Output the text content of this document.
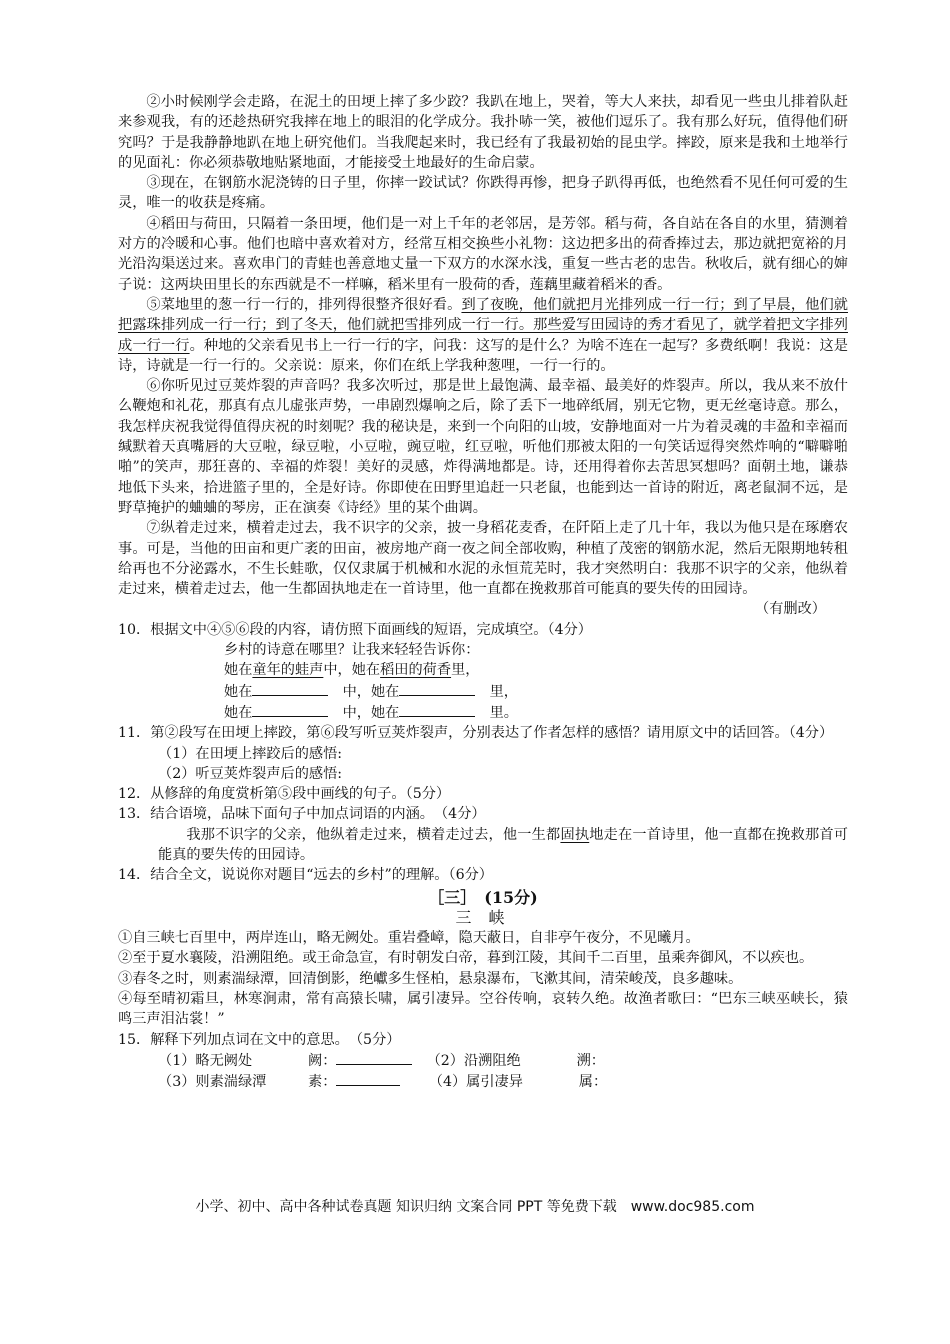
②小时候刚学会走路，在泥土的田埂上摔了多少跤？我趴在地上，哭着，等大人来扶，却看见一些虫儿排着队赶来参观我，有的还趁热研究我摔在地上的眼泪的化学成分。我扑哧一笑，被他们逗乐了。我有那么好玩，值得他们研究吗？于是我静静地趴在地上研究他们。当我爬起来时，我已经有了我最初始的昆虫学。摔跤，原来是我和土地举行的见面礼：你必须恭敬地贴紧地面，才能接受土地最好的生命启蒙。

③现在，在钢筋水泥浇铸的日子里，你摔一跤试试？你跌得再惨，把身子趴得再低，也绝然看不见任何可爱的生灵，唯一的收获是疼痛。

④稻田与荷田，只隔着一条田埂，他们是一对上千年的老邻居，是芳邻。稻与荷，各自站在各自的水里，猜测着对方的冷暖和心事。他们也暗中喜欢着对方，经常互相交换些小礼物：这边把多出的荷香捧过去，那边就把宽裕的月光沿沟渠送过来。喜欢串门的青蛙也善意地丈量一下双方的水深水浅，重复一些古老的忠告。秋收后，就有细心的婶子说：这两块田里长的东西就是不一样嘛，稻米里有一股荷的香，莲藕里藏着稻米的香。

⑤菜地里的葱一行一行的，排列得很整齐很好看。到了夜晚，他们就把月光排列成一行一行；到了早晨，他们就把露珠排列成一行一行；到了冬天，他们就把雪排列成一行一行。那些爱写田园诗的秀才看见了，就学着把文字排列成一行一行。种地的父亲看见书上一行一行的字，问我：这写的是什么？为啥不连在一起写？多费纸啊！我说：这是诗，诗就是一行一行的。父亲说：原来，你们在纸上学我种葱哩，一行一行的。

⑥你听见过豆荚炸裂的声音吗？我多次听过，那是世上最饱满、最幸福、最美好的炸裂声。所以，我从来不放什么鞭炮和礼花，那真有点儿虚张声势，一串剧烈爆响之后，除了丢下一地碎纸屑，别无它物，更无丝毫诗意。那么，我怎样庆祝我觉得值得庆祝的时刻呢？我的秘诀是，来到一个向阳的山坡，安静地面对一片为着灵魂的丰盈和幸福而缄默着天真嘴唇的大豆啦，绿豆啦，小豆啦，豌豆啦，红豆啦，听他们那被太阳的一句笑话逗得突然炸响的“噼噼啪啪”的笑声，那狂喜的、幸福的炸裂！美好的灵感，炸得满地都是。诗，还用得着你去苦思冥想吗？面朝土地，谦恭地低下头来，拾进篮子里的，全是好诗。你即使在田野里追赶一只老鼠，也能到达一首诗的附近，离老鼠洞不远，是野草掩护的蛐蛐的琴房，正在演奏《诗经》里的某个曲调。

⑦纵着走过来，横着走过去，我不识字的父亲，披一身稻花麦香，在阡陌上走了几十年，我以为他只是在琢磨农事。可是，当他的田亩和更广袤的田亩，被房地产商一夜之间全部收购，种植了茂密的钢筋水泥，然后无限期地转租给再也不分泌露水，不生长蛙歌，仅仅隶属于机械和水泥的永恒荒芜时，我才突然明白：我那不识字的父亲，他纵着走过来，横着走过去，他一生都固执地走在一首诗里，他一直都在挽救那首可能真的要失传的田园诗。

（有删改）

10．根据文中④⑤⑥段的内容，请仿照下面画线的短语，完成填空。（4分）

乡村的诗意在哪里？让我来轻轻告诉你：

她在童年的蛙声中，她在稻田的荷香里，

她在　	中，她在　	里，

她在　	中，她在　	里。

11．第②段写在田埂上摔跤，第⑥段写听豆荚炸裂声，分别表达了作者怎样的感悟？请用原文中的话回答。（4分）

（1）在田埂上摔跤后的感悟:

（2）听豆荚炸裂声后的感悟:

12．从修辞的角度赏析第⑤段中画线的句子。（5分）

13．结合语境，品味下面句子中加点词语的内涵。　（4分）

我那不识字的父亲，他纵着走过来，横着走过去，他一生都固执地走在一首诗里，他一直都在挽救那首可能真的要失传的田园诗。

14．结合全文，说说你对题目“远去的乡村”的理解。（6分）

［三］　(15分)

三 峡

①自三峡七百里中，两岸连山，略无阙处。重岩叠嶂，隐天蔽日，自非亭午夜分，不见曦月。

②至于夏水襄陵，沿溯阻绝。或王命急宣，有时朝发白帝，暮到江陵，其间千二百里，虽乘奔御风，不以疾也。

③春冬之时，则素湍绿潭，回清倒影，绝巘多生怪柏，悬泉瀑布，飞漱其间，清荣峻茂，良多趣味。

④每至晴初霜旦，林寒涧肃，常有高猿长啸，属引凄异。空谷传响，哀转久绝。故渔者歌曰：“巴东三峡巫峡长，猿鸣三声泪沾裳！”

15．解释下列加点词在文中的意思。　（5分）

（1）略无阙处	阙：　	（2）沿溯阻绝	溯：

（3）则素湍绿潭	素：　　	（4）属引凄异	属：

小学、初中、高中各种试卷真题 知识归纳 文案合同 PPT 等免费下载　www.doc985.com
